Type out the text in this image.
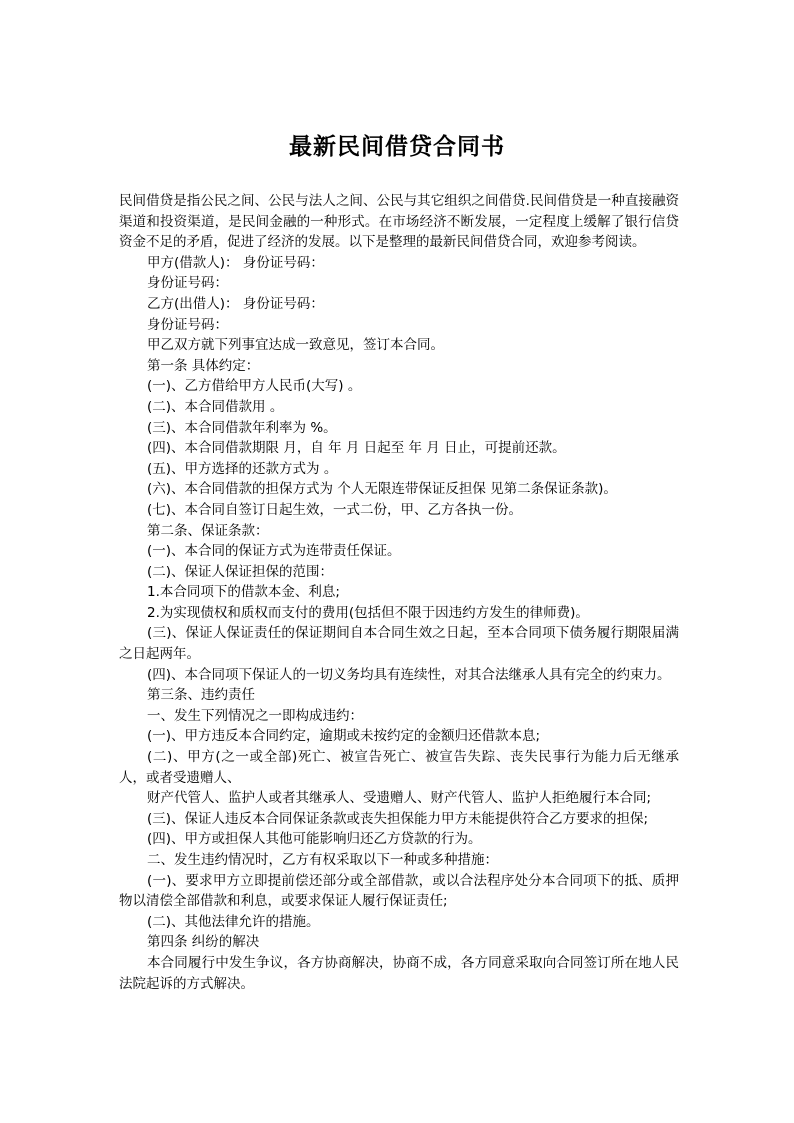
最新民间借贷合同书

民间借贷是指公民之间、公民与法人之间、公民与其它组织之间借贷.民间借贷是一种直接融资渠道和投资渠道，是民间金融的一种形式。在市场经济不断发展，一定程度上缓解了银行信贷资金不足的矛盾，促进了经济的发展。以下是整理的最新民间借贷合同，欢迎参考阅读。

甲方(借款人)： 身份证号码：

身份证号码：

乙方(出借人)： 身份证号码：

身份证号码：

甲乙双方就下列事宜达成一致意见，签订本合同。

第一条 具体约定：

(一)、乙方借给甲方人民币(大写) 。

(二)、本合同借款用 。

(三)、本合同借款年利率为 %。

(四)、本合同借款期限 月，自 年 月 日起至 年 月 日止，可提前还款。

(五)、甲方选择的还款方式为 。

(六)、本合同借款的担保方式为 个人无限连带保证反担保 见第二条保证条款)。

(七)、本合同自签订日起生效，一式二份，甲、乙方各执一份。

第二条、保证条款：

(一)、本合同的保证方式为连带责任保证。

(二)、保证人保证担保的范围：

1.本合同项下的借款本金、利息;

2.为实现债权和质权而支付的费用(包括但不限于因违约方发生的律师费)。

(三)、保证人保证责任的保证期间自本合同生效之日起，至本合同项下债务履行期限届满之日起两年。

(四)、本合同项下保证人的一切义务均具有连续性，对其合法继承人具有完全的约束力。

第三条、违约责任

一、发生下列情况之一即构成违约：

(一)、甲方违反本合同约定，逾期或未按约定的金额归还借款本息;

(二)、甲方(之一或全部)死亡、被宣告死亡、被宣告失踪、丧失民事行为能力后无继承人，或者受遗赠人、

财产代管人、监护人或者其继承人、受遗赠人、财产代管人、监护人拒绝履行本合同;

(三)、保证人违反本合同保证条款或丧失担保能力甲方未能提供符合乙方要求的担保;

(四)、甲方或担保人其他可能影响归还乙方贷款的行为。

二、发生违约情况时，乙方有权采取以下一种或多种措施：

(一)、要求甲方立即提前偿还部分或全部借款，或以合法程序处分本合同项下的抵、质押物以清偿全部借款和利息，或要求保证人履行保证责任;

(二)、其他法律允许的措施。

第四条 纠纷的解决

本合同履行中发生争议，各方协商解决，协商不成，各方同意采取向合同签订所在地人民法院起诉的方式解决。
